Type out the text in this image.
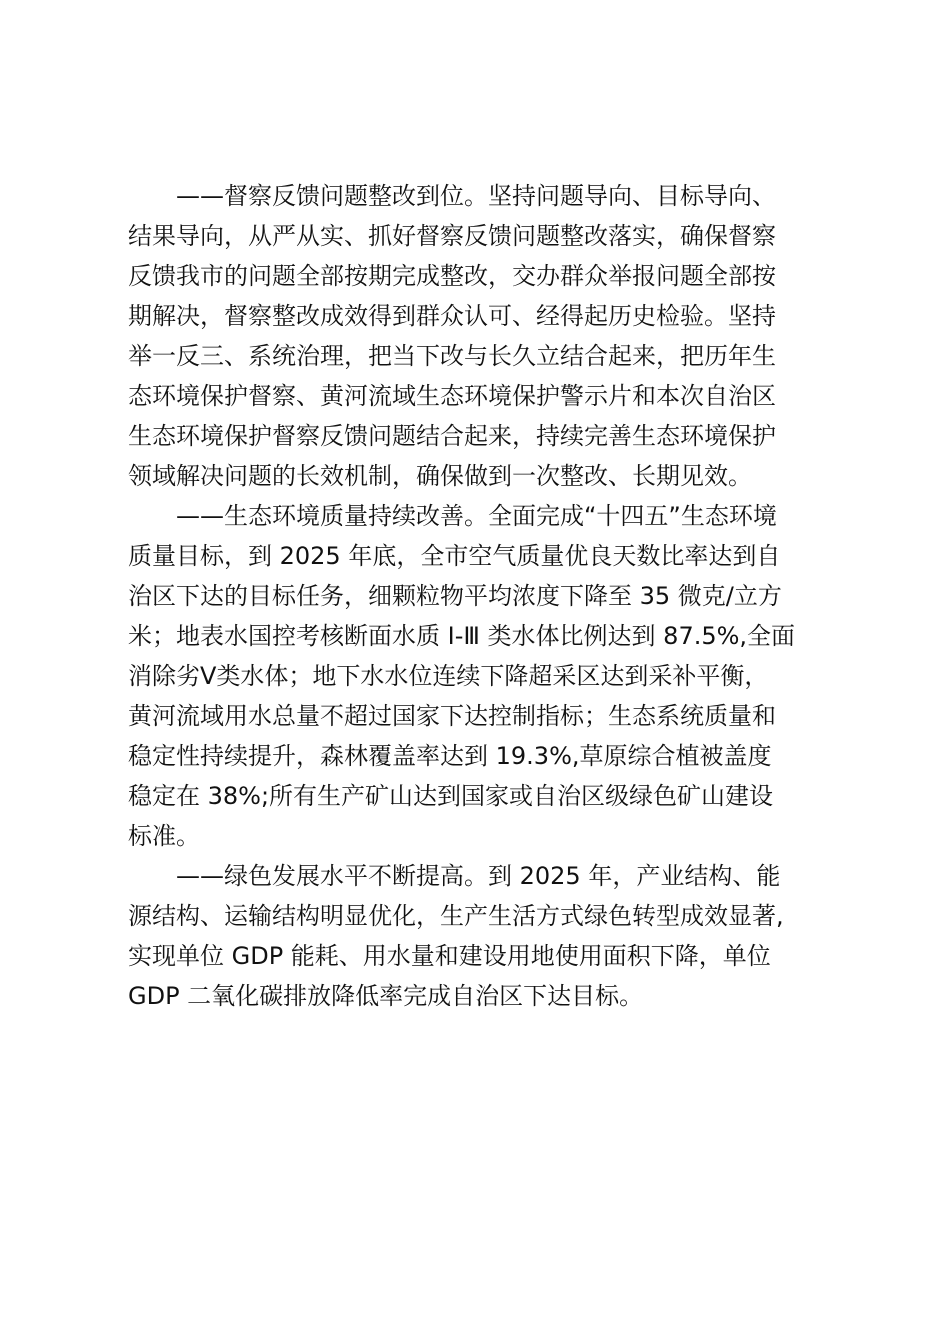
——督察反馈问题整改到位。坚持问题导向、目标导向、
结果导向，从严从实、抓好督察反馈问题整改落实，确保督察
反馈我市的问题全部按期完成整改，交办群众举报问题全部按
期解决，督察整改成效得到群众认可、经得起历史检验。坚持
举一反三、系统治理，把当下改与长久立结合起来，把历年生
态环境保护督察、黄河流域生态环境保护警示片和本次自治区
生态环境保护督察反馈问题结合起来，持续完善生态环境保护
领域解决问题的长效机制，确保做到一次整改、长期见效。
——生态环境质量持续改善。全面完成“十四五”生态环境
质量目标，到 2025 年底，全市空气质量优良天数比率达到自
治区下达的目标任务，细颗粒物平均浓度下降至 35 微克/立方
米；地表水国控考核断面水质 I-Ⅲ 类水体比例达到 87.5%,全面
消除劣Ⅴ类水体；地下水水位连续下降超采区达到采补平衡，
黄河流域用水总量不超过国家下达控制指标；生态系统质量和
稳定性持续提升，森林覆盖率达到 19.3%,草原综合植被盖度
稳定在 38%;所有生产矿山达到国家或自治区级绿色矿山建设
标准。
——绿色发展水平不断提高。到 2025 年，产业结构、能
源结构、运输结构明显优化，生产生活方式绿色转型成效显著,
实现单位 GDP 能耗、用水量和建设用地使用面积下降，单位
GDP 二氧化碳排放降低率完成自治区下达目标。
